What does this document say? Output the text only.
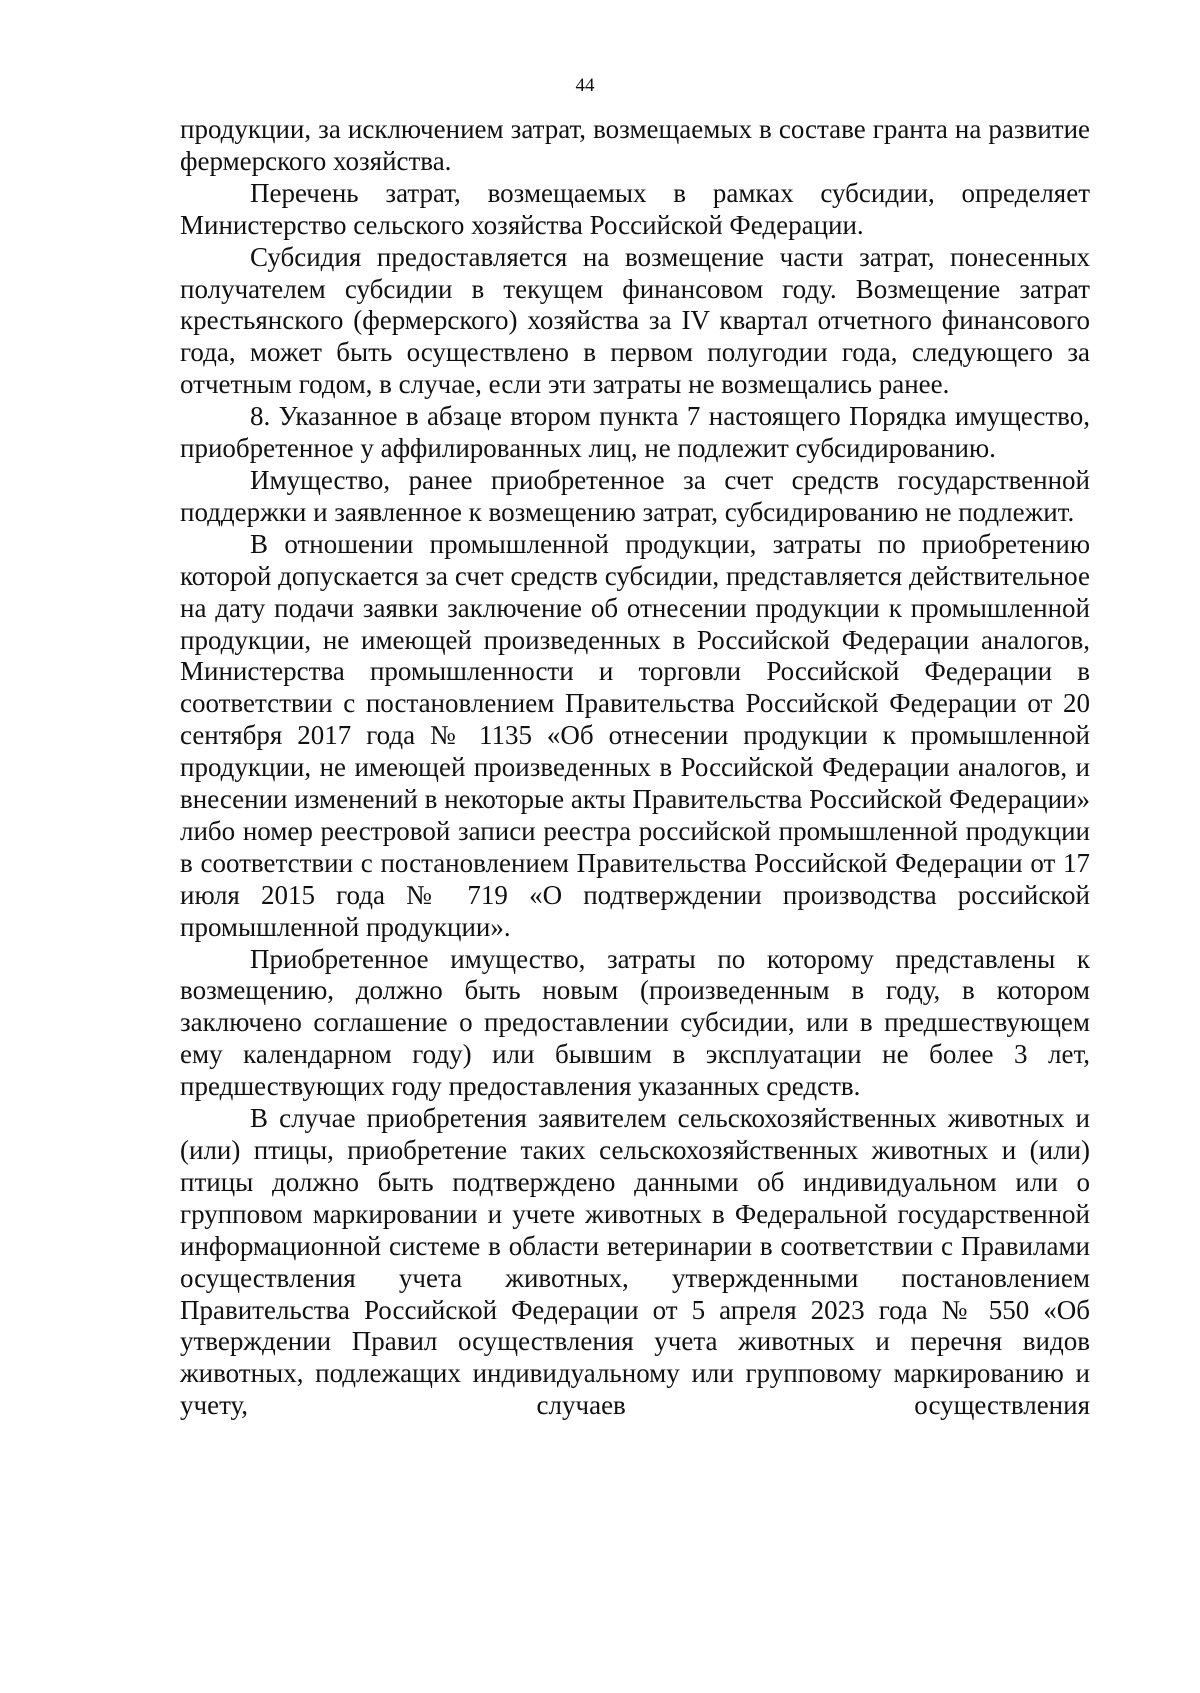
44

продукции, за исключением затрат, возмещаемых в составе гранта на развитие фермерского хозяйства.

Перечень затрат, возмещаемых в рамках субсидии, определяет Министерство сельского хозяйства Российской Федерации.

Субсидия предоставляется на возмещение части затрат, понесенных получателем субсидии в текущем финансовом году. Возмещение затрат крестьянского (фермерского) хозяйства за IV квартал отчетного финансового года, может быть осуществлено в первом полугодии года, следующего за отчетным годом, в случае, если эти затраты не возмещались ранее.

8. Указанное в абзаце втором пункта 7 настоящего Порядка имущество, приобретенное у аффилированных лиц, не подлежит субсидированию.

Имущество, ранее приобретенное за счет средств государственной поддержки и заявленное к возмещению затрат, субсидированию не подлежит.

В отношении промышленной продукции, затраты по приобретению которой допускается за счет средств субсидии, представляется действительное на дату подачи заявки заключение об отнесении продукции к промышленной продукции, не имеющей произведенных в Российской Федерации аналогов, Министерства промышленности и торговли Российской Федерации в соответствии с постановлением Правительства Российской Федерации от 20 сентября 2017 года № 1135 «Об отнесении продукции к промышленной продукции, не имеющей произведенных в Российской Федерации аналогов, и внесении изменений в некоторые акты Правительства Российской Федерации» либо номер реестровой записи реестра российской промышленной продукции в соответствии с постановлением Правительства Российской Федерации от 17 июля 2015 года № 719 «О подтверждении производства российской промышленной продукции».

Приобретенное имущество, затраты по которому представлены к возмещению, должно быть новым (произведенным в году, в котором заключено соглашение о предоставлении субсидии, или в предшествующем ему календарном году) или бывшим в эксплуатации не более 3 лет, предшествующих году предоставления указанных средств.

В случае приобретения заявителем сельскохозяйственных животных и (или) птицы, приобретение таких сельскохозяйственных животных и (или) птицы должно быть подтверждено данными об индивидуальном или о групповом маркировании и учете животных в Федеральной государственной информационной системе в области ветеринарии в соответствии с Правилами осуществления учета животных, утвержденными постановлением Правительства Российской Федерации от 5 апреля 2023 года № 550 «Об утверждении Правил осуществления учета животных и перечня видов животных, подлежащих индивидуальному или групповому маркированию и учету, случаев осуществления
